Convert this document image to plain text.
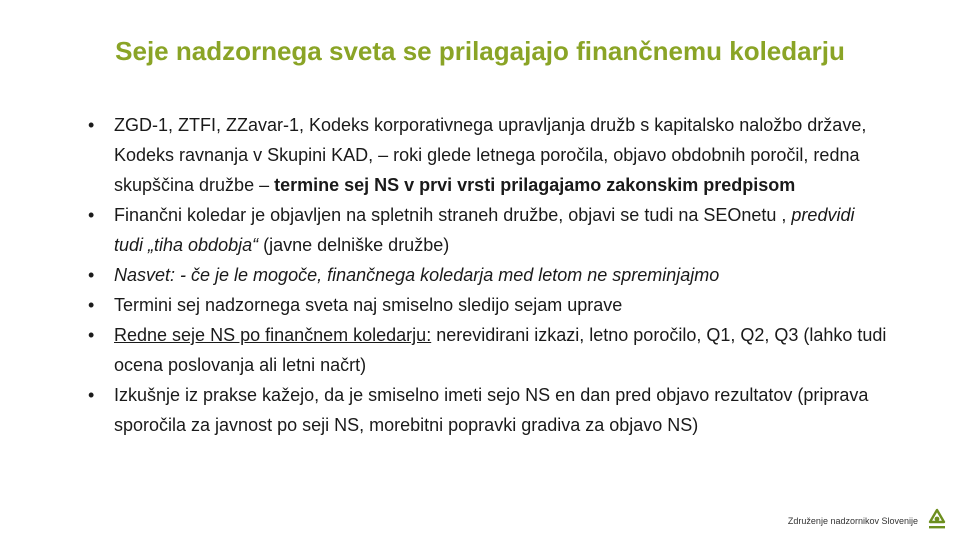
Seje nadzornega sveta se prilagajajo finančnemu koledarju
• ZGD-1, ZTFI, ZZavar-1, Kodeks korporativnega upravljanja družb s kapitalsko naložbo države, Kodeks ravnanja v Skupini KAD, – roki glede letnega poročila, objavo obdobnih poročil, redna skupščina družbe – termine sej NS v prvi vrsti prilagajamo zakonskim predpisom
• Finančni koledar je objavljen na spletnih straneh družbe, objavi se tudi na SEOnetu , predvidi tudi „tiha obdobja“ (javne delniške družbe)
• Nasvet: - če je le mogoče, finančnega koledarja med letom ne spreminjajmo
• Termini sej nadzornega sveta naj smiselno sledijo sejam uprave
• Redne seje NS po finančnem koledarju: nerevidirani izkazi, letno poročilo, Q1, Q2, Q3 (lahko tudi ocena poslovanja ali letni načrt)
• Izkušnje iz prakse kažejo, da je smiselno imeti sejo NS en dan pred objavo rezultatov (priprava sporočila za javnost po seji NS, morebitni popravki gradiva za objavo NS)
Združenje nadzornikov Slovenije
